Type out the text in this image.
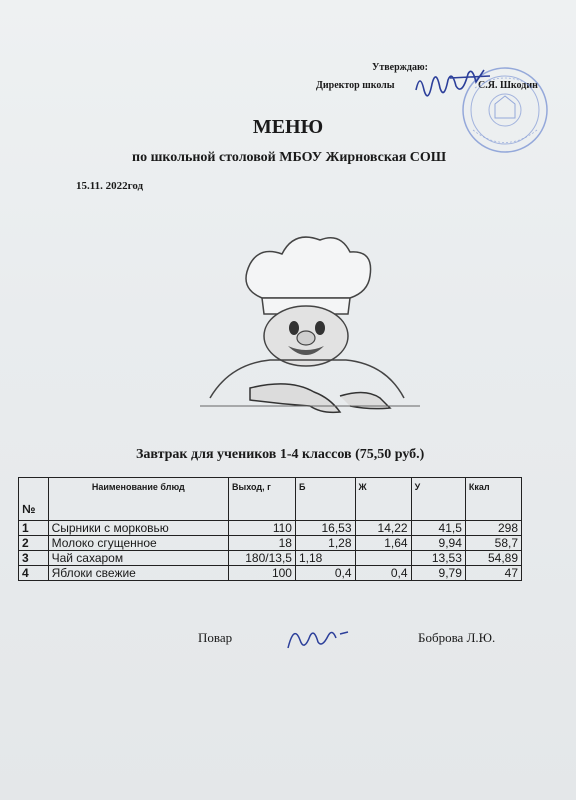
Утверждаю:
Директор школы	С.Я. Шкодин
МЕНЮ
по школьной столовой МБОУ Жирновская СОШ
15.11. 2022год
Завтрак для учеников 1-4 классов (75,50 руб.)
№	Наименование блюд	Выход, г	Б	Ж	У	Ккал
1	Сырники с морковью	110	16,53	14,22	41,5	298
2	Молоко сгущенное	18	1,28	1,64	9,94	58,7
3	Чай сахаром	180/13,5	1,18		13,53	54,89
4	Яблоки свежие	100	0,4	0,4	9,79	47
Повар	Боброва Л.Ю.
